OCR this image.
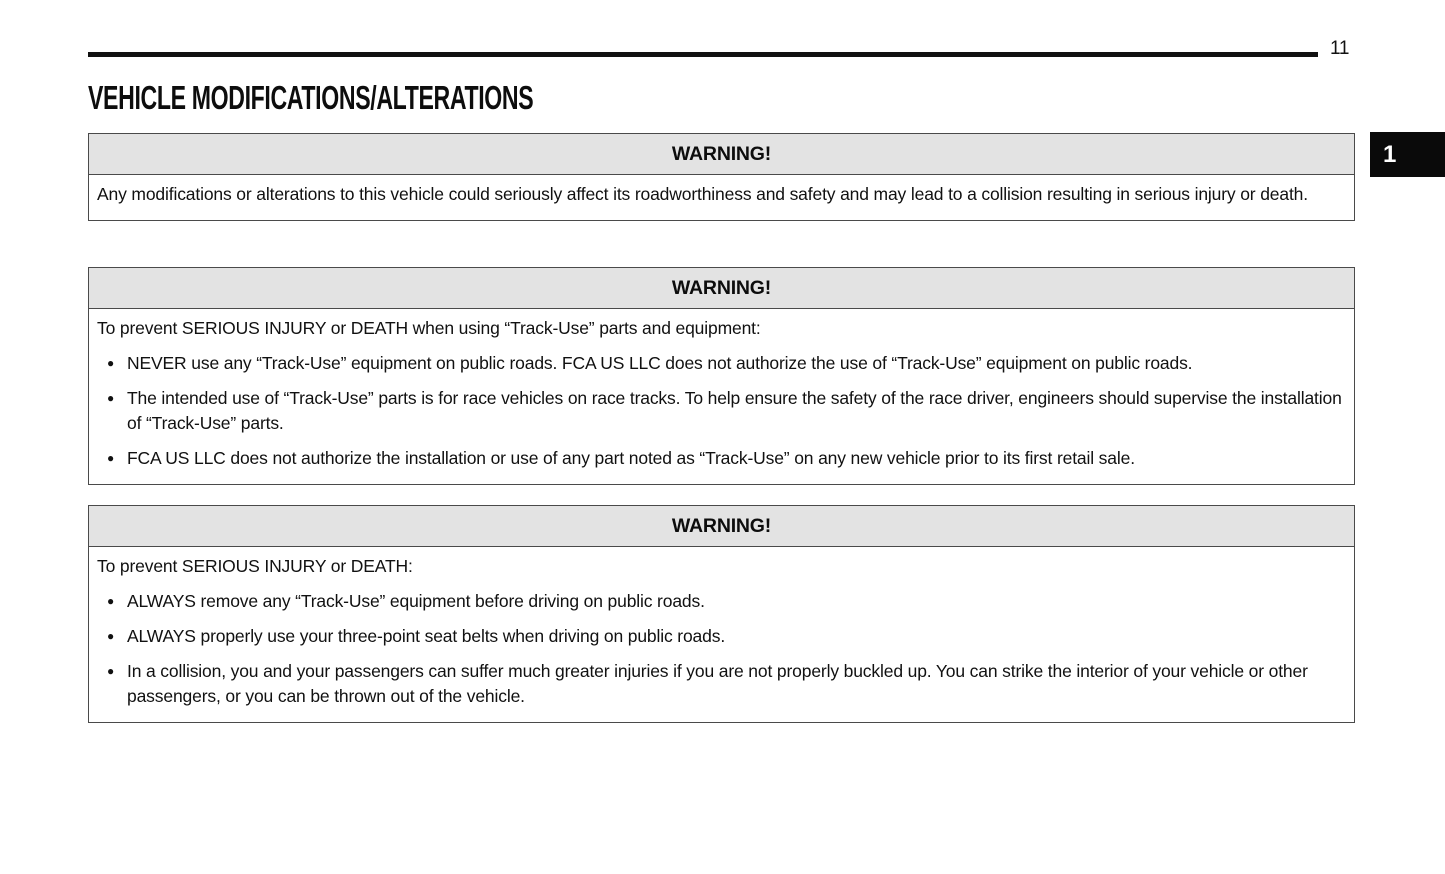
11
VEHICLE MODIFICATIONS/ALTERATIONS
1
WARNING!

Any modifications or alterations to this vehicle could seriously affect its roadworthiness and safety and may lead to a collision resulting in serious injury or death.

WARNING!

To prevent SERIOUS INJURY or DEATH when using “Track-Use” parts and equipment:

● NEVER use any “Track-Use” equipment on public roads. FCA US LLC does not authorize the use of “Track-Use” equipment on public roads.
● The intended use of “Track-Use” parts is for race vehicles on race tracks. To help ensure the safety of the race driver, engineers should supervise the installation of “Track-Use” parts.
● FCA US LLC does not authorize the installation or use of any part noted as “Track-Use” on any new vehicle prior to its first retail sale.
WARNING!

To prevent SERIOUS INJURY or DEATH:

● ALWAYS remove any “Track-Use” equipment before driving on public roads.
● ALWAYS properly use your three-point seat belts when driving on public roads.
● In a collision, you and your passengers can suffer much greater injuries if you are not properly buckled up. You can strike the interior of your vehicle or other passengers, or you can be thrown out of the vehicle.
